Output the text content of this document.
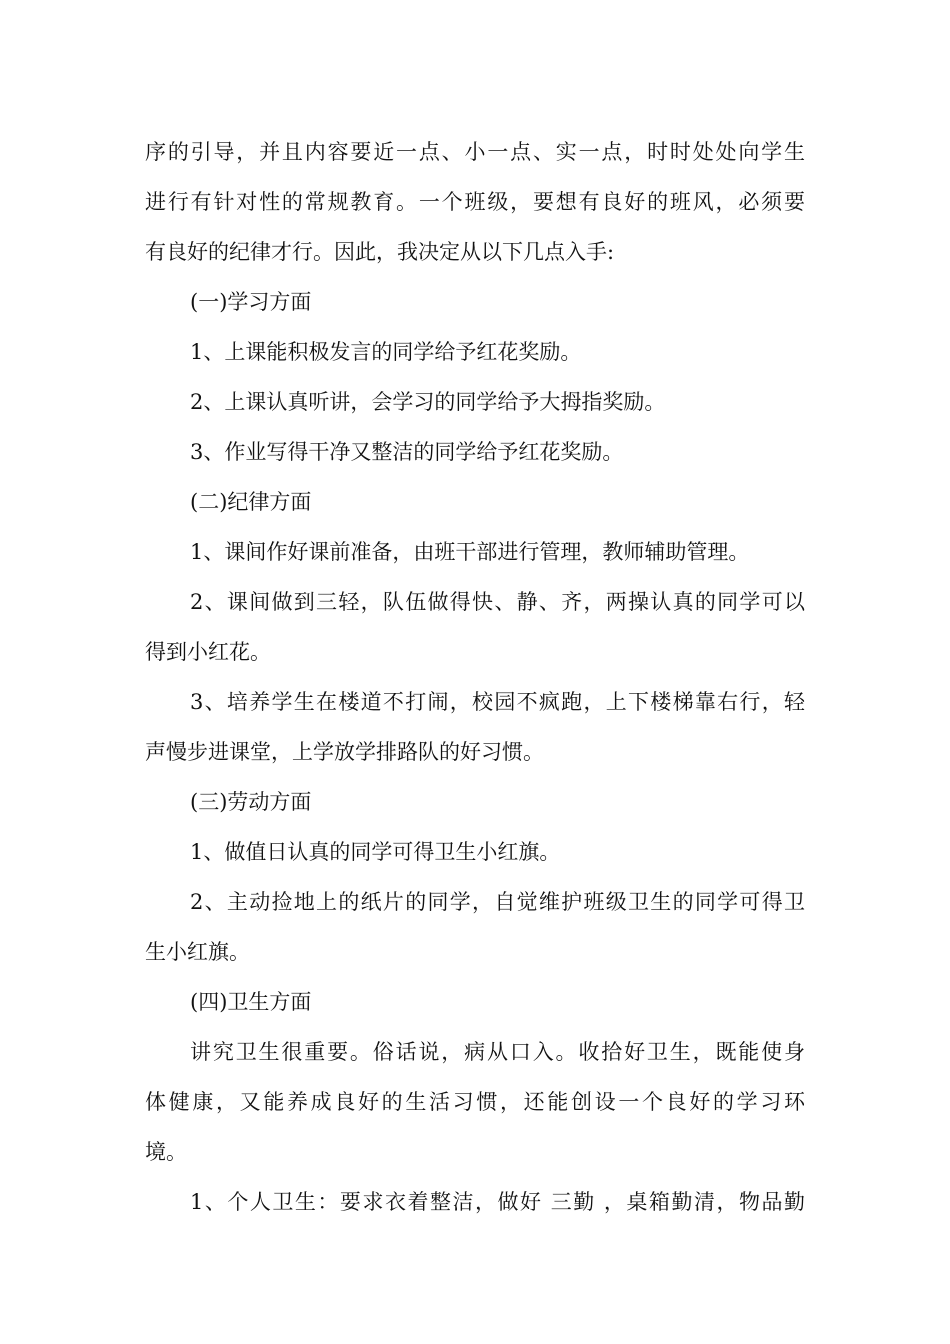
序的引导，并且内容要近一点、小一点、实一点，时时处处向学生
进行有针对性的常规教育。一个班级，要想有良好的班风，必须要
有良好的纪律才行。因此，我决定从以下几点入手:
(一)学习方面
1、上课能积极发言的同学给予红花奖励。
2、上课认真听讲，会学习的同学给予大拇指奖励。
3、作业写得干净又整洁的同学给予红花奖励。
(二)纪律方面
1、课间作好课前准备，由班干部进行管理，教师辅助管理。
2、课间做到三轻，队伍做得快、静、齐，两操认真的同学可以
得到小红花。
3、培养学生在楼道不打闹，校园不疯跑，上下楼梯靠右行，轻
声慢步进课堂，上学放学排路队的好习惯。
(三)劳动方面
1、做值日认真的同学可得卫生小红旗。
2、主动捡地上的纸片的同学，自觉维护班级卫生的同学可得卫
生小红旗。
(四)卫生方面
讲究卫生很重要。俗话说，病从口入。收拾好卫生，既能使身
体健康，又能养成良好的生活习惯，还能创设一个良好的学习环
境。
1、个人卫生：要求衣着整洁，做好 三勤 ，桌箱勤清，物品勤
